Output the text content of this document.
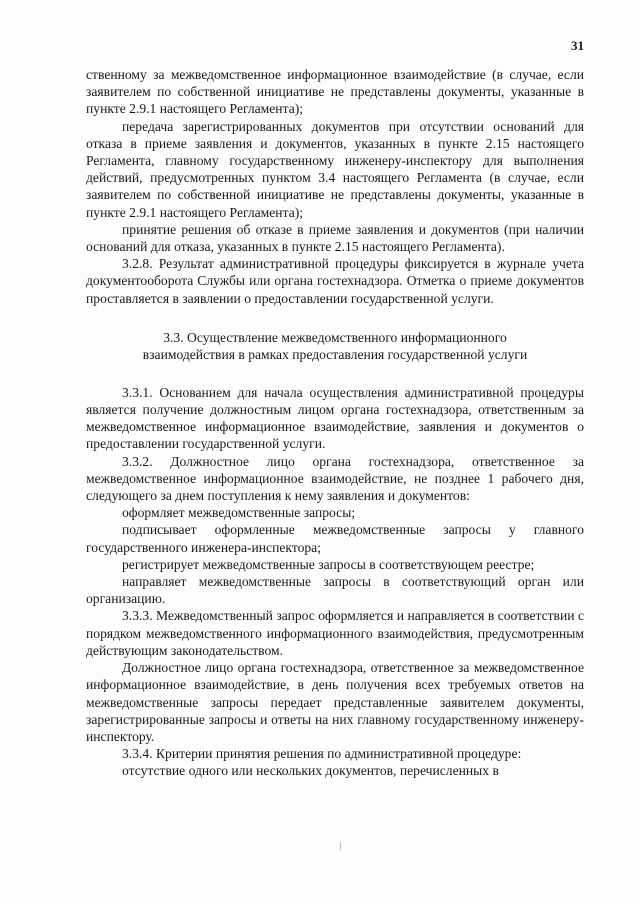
31

ственному за межведомственное информационное взаимодействие (в случае, если заявителем по собственной инициативе не представлены документы, указанные в пункте 2.9.1 настоящего Регламента);

передача зарегистрированных документов при отсутствии оснований для отказа в приеме заявления и документов, указанных в пункте 2.15 настоящего Регламента, главному государственному инженеру-инспектору для выполнения действий, предусмотренных пунктом 3.4 настоящего Регламента (в случае, если заявителем по собственной инициативе не представлены документы, указанные в пункте 2.9.1 настоящего Регламента);

принятие решения об отказе в приеме заявления и документов (при наличии оснований для отказа, указанных в пункте 2.15 настоящего Регламента).

3.2.8. Результат административной процедуры фиксируется в журнале учета документооборота Службы или органа гостехнадзора. Отметка о приеме документов проставляется в заявлении о предоставлении государственной услуги.

3.3. Осуществление межведомственного информационного взаимодействия в рамках предоставления государственной услуги

3.3.1. Основанием для начала осуществления административной процедуры является получение должностным лицом органа гостехнадзора, ответственным за межведомственное информационное взаимодействие, заявления и документов о предоставлении государственной услуги.

3.3.2. Должностное лицо органа гостехнадзора, ответственное за межведомственное информационное взаимодействие, не позднее 1 рабочего дня, следующего за днем поступления к нему заявления и документов:

оформляет межведомственные запросы;

подписывает оформленные межведомственные запросы у главного государственного инженера-инспектора;

регистрирует межведомственные запросы в соответствующем реестре;

направляет межведомственные запросы в соответствующий орган или организацию.

3.3.3. Межведомственный запрос оформляется и направляется в соответствии с порядком межведомственного информационного взаимодействия, предусмотренным действующим законодательством.

Должностное лицо органа гостехнадзора, ответственное за межведомственное информационное взаимодействие, в день получения всех требуемых ответов на межведомственные запросы передает представленные заявителем документы, зарегистрированные запросы и ответы на них главному государственному инженеру-инспектору.

3.3.4. Критерии принятия решения по административной процедуре:

отсутствие одного или нескольких документов, перечисленных в
